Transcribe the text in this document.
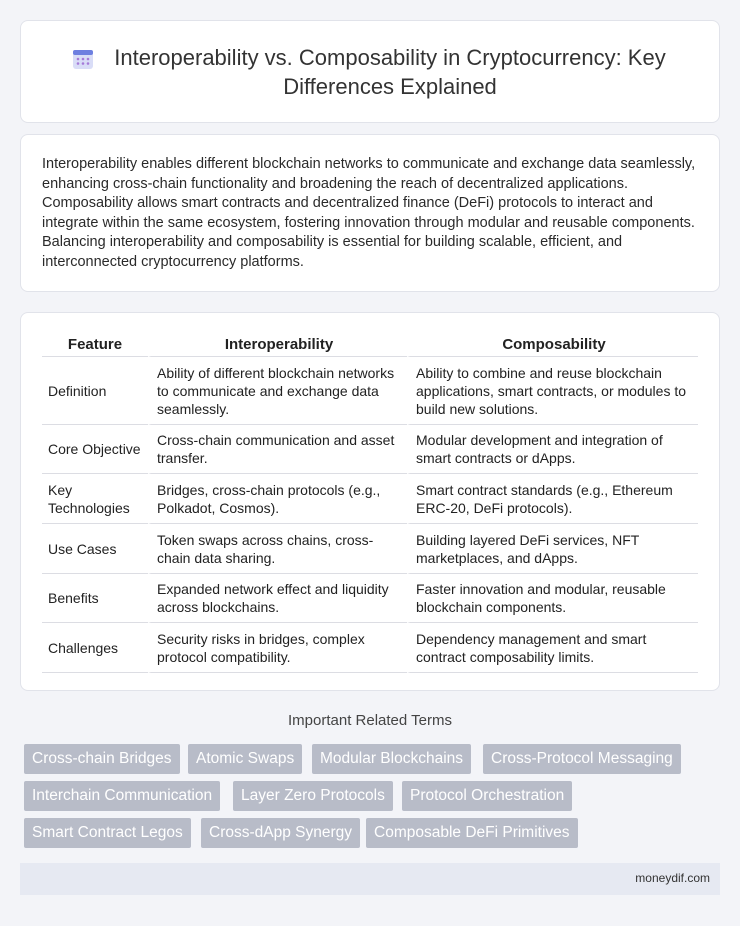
Interoperability vs. Composability in Cryptocurrency: Key Differences Explained

Interoperability enables different blockchain networks to communicate and exchange data seamlessly, enhancing cross-chain functionality and broadening the reach of decentralized applications. Composability allows smart contracts and decentralized finance (DeFi) protocols to interact and integrate within the same ecosystem, fostering innovation through modular and reusable components. Balancing interoperability and composability is essential for building scalable, efficient, and interconnected cryptocurrency platforms.

Feature	Interoperability	Composability
Definition	Ability of different blockchain networks to communicate and exchange data seamlessly.	Ability to combine and reuse blockchain applications, smart contracts, or modules to build new solutions.
Core Objective	Cross-chain communication and asset transfer.	Modular development and integration of smart contracts or dApps.
Key Technologies	Bridges, cross-chain protocols (e.g., Polkadot, Cosmos).	Smart contract standards (e.g., Ethereum ERC-20, DeFi protocols).
Use Cases	Token swaps across chains, cross-chain data sharing.	Building layered DeFi services, NFT marketplaces, and dApps.
Benefits	Expanded network effect and liquidity across blockchains.	Faster innovation and modular, reusable blockchain components.
Challenges	Security risks in bridges, complex protocol compatibility.	Dependency management and smart contract composability limits.
Important Related Terms
Cross-chain Bridges	Atomic Swaps	Modular Blockchains	Cross-Protocol Messaging
Interchain Communication	Layer Zero Protocols	Protocol Orchestration
Smart Contract Legos	Cross-dApp Synergy	Composable DeFi Primitives
moneydif.com
